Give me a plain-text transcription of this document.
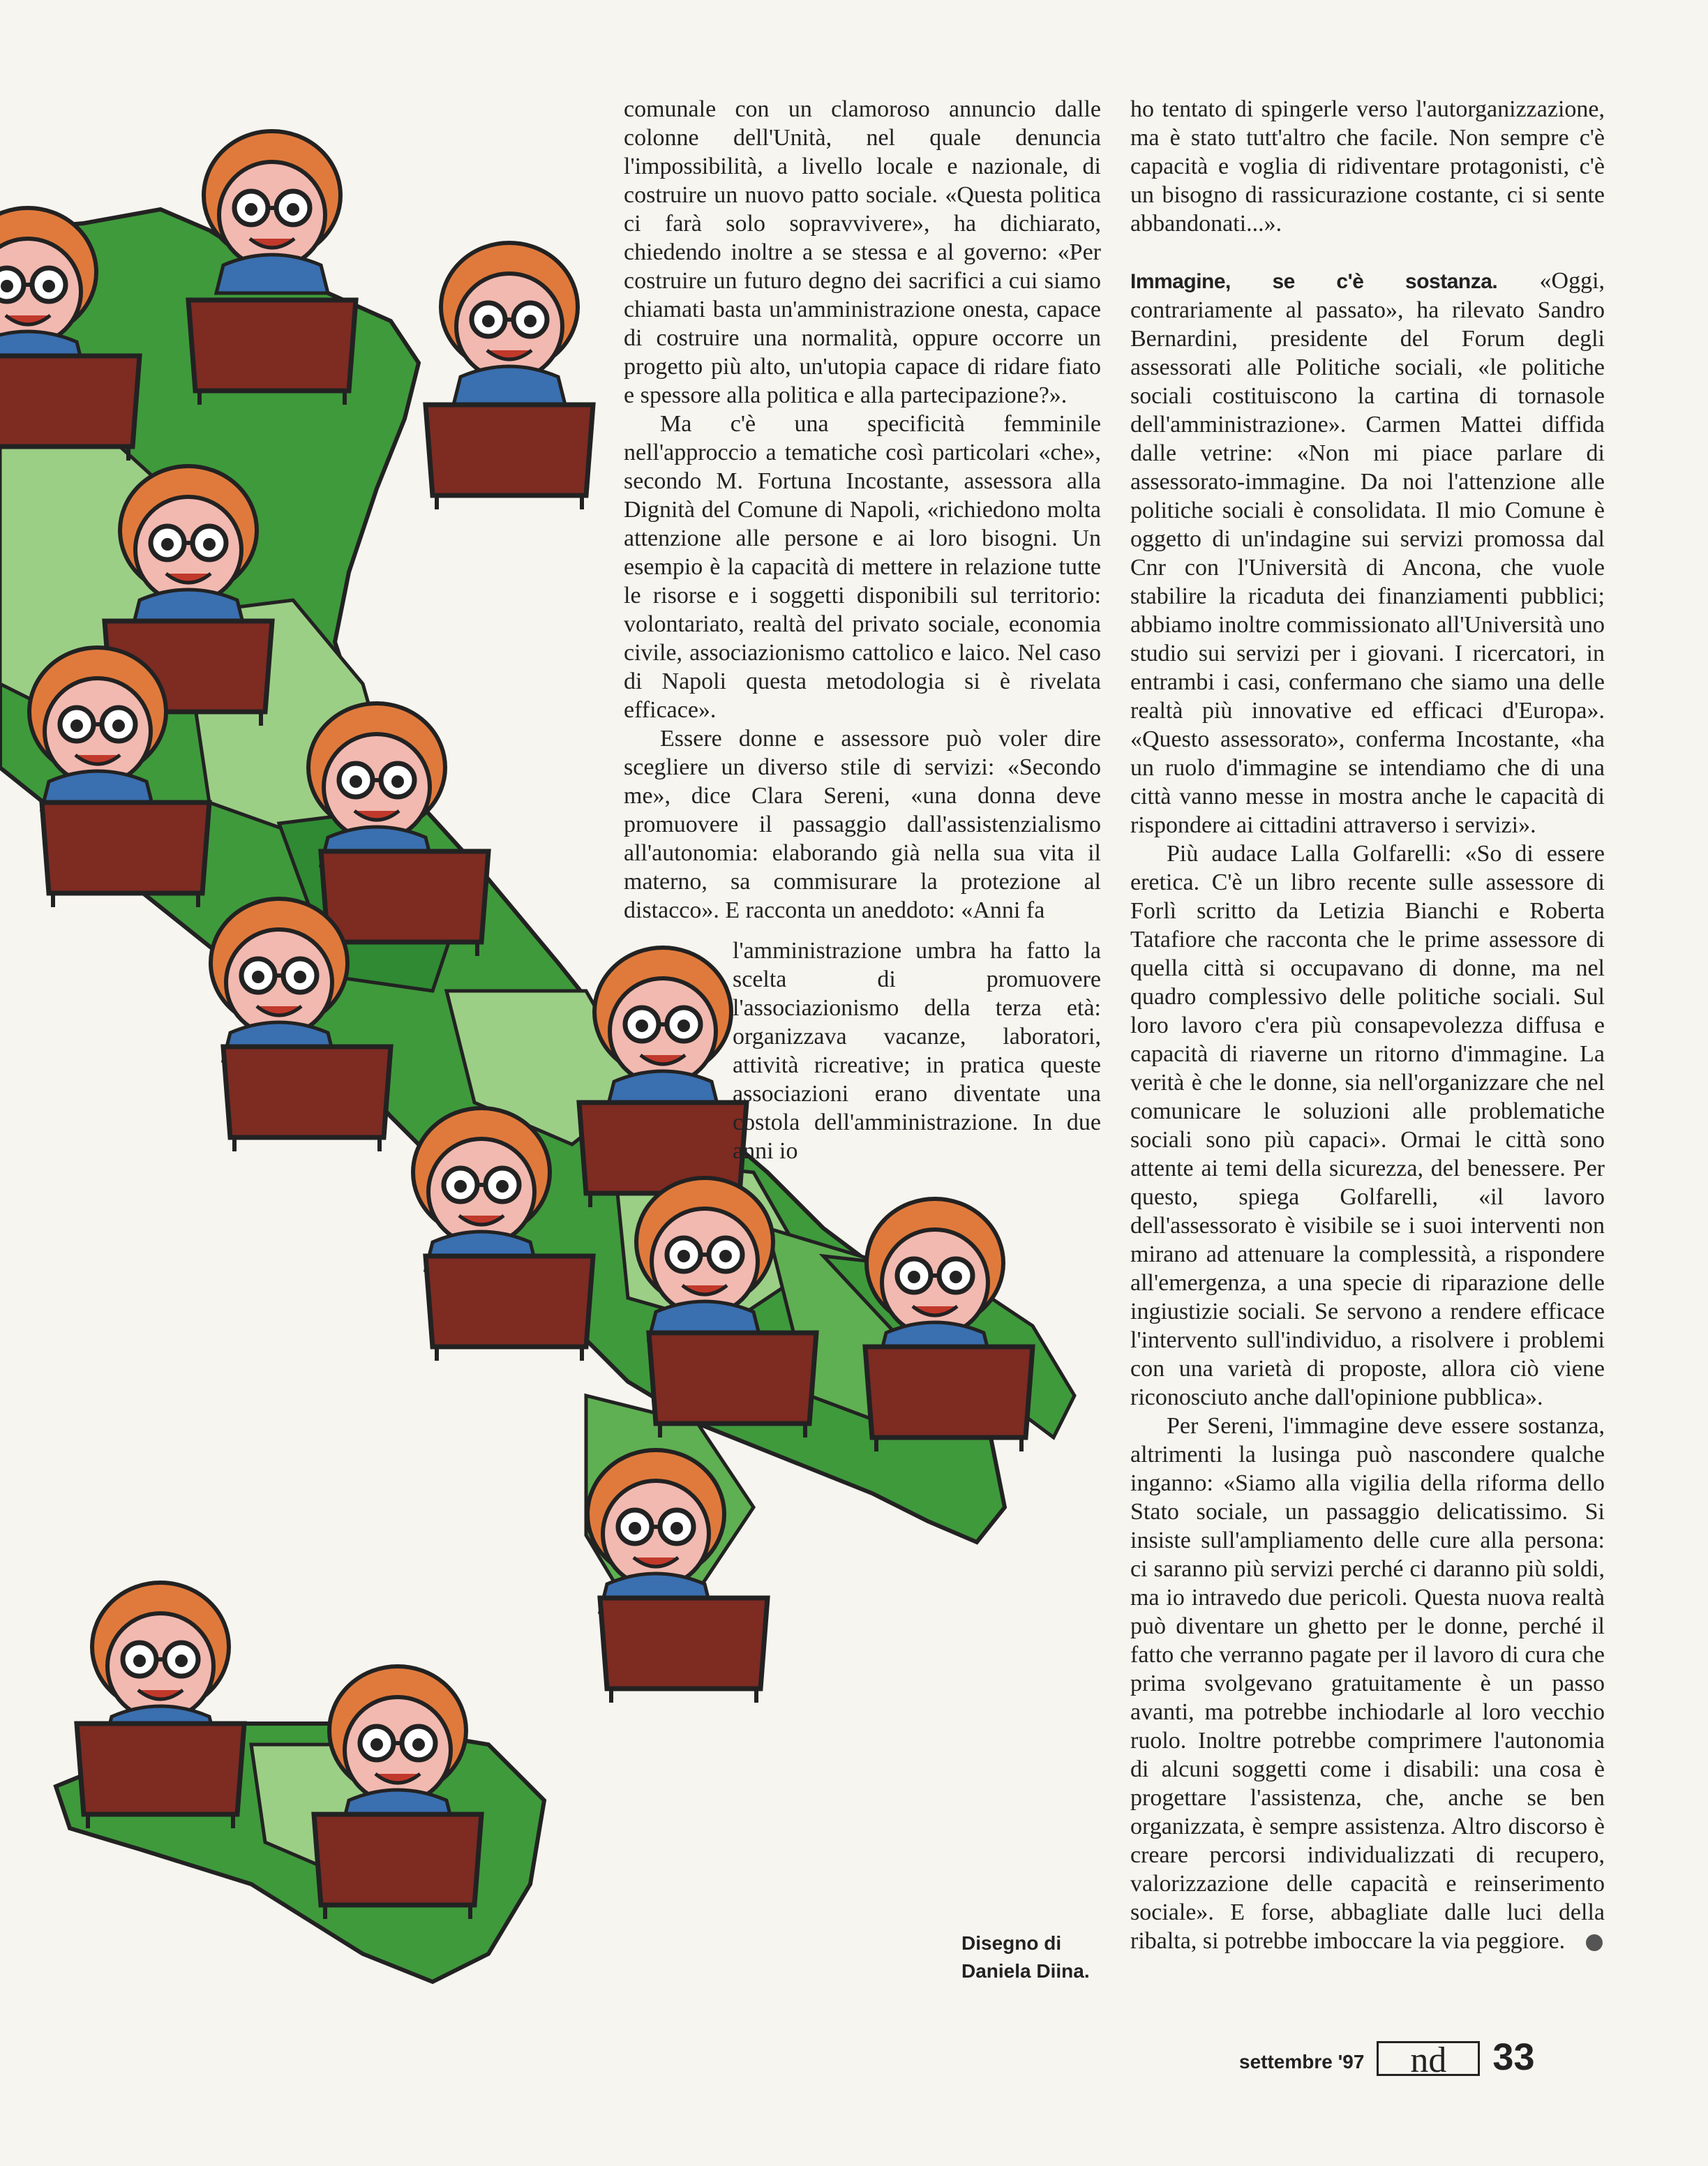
comunale con un clamoroso annuncio dalle colonne dell'Unità, nel quale denuncia l'impossibilità, a livello locale e nazionale, di costruire un nuovo patto sociale. «Questa politica ci farà solo sopravvivere», ha dichiarato, chiedendo inoltre a se stessa e al governo: «Per costruire un futuro degno dei sacrifici a cui siamo chiamati basta un'amministrazione onesta, capace di costruire una normalità, oppure occorre un progetto più alto, un'utopia capace di ridare fiato e spessore alla politica e alla partecipazione?».

Ma c'è una specificità femminile nell'approccio a tematiche così particolari «che», secondo M. Fortuna Incostante, assessora alla Dignità del Comune di Napoli, «richiedono molta attenzione alle persone e ai loro bisogni. Un esempio è la capacità di mettere in relazione tutte le risorse e i soggetti disponibili sul territorio: volontariato, realtà del privato sociale, economia civile, associazionismo cattolico e laico. Nel caso di Napoli questa metodologia si è rivelata efficace».

Essere donne e assessore può voler dire scegliere un diverso stile di servizi: «Secondo me», dice Clara Sereni, «una donna deve promuovere il passaggio dall'assistenzialismo all'autonomia: elaborando già nella sua vita il materno, sa commisurare la protezione al distacco». E racconta un aneddoto: «Anni fa

l'amministrazione umbra ha fatto la scelta di promuovere l'associazionismo della terza età: organizzava vacanze, laboratori, attività ricreative; in pratica queste associazioni erano diventate una costola dell'amministrazione. In due anni io

ho tentato di spingerle verso l'autorganizzazione, ma è stato tutt'altro che facile. Non sempre c'è capacità e voglia di ridiventare protagonisti, c'è un bisogno di rassicurazione costante, ci si sente abbandonati...».

Immagine, se c'è sostanza. «Oggi, contrariamente al passato», ha rilevato Sandro Bernardini, presidente del Forum degli assessorati alle Politiche sociali, «le politiche sociali costituiscono la cartina di tornasole dell'amministrazione». Carmen Mattei diffida dalle vetrine: «Non mi piace parlare di assessorato-immagine. Da noi l'attenzione alle politiche sociali è consolidata. Il mio Comune è oggetto di un'indagine sui servizi promossa dal Cnr con l'Università di Ancona, che vuole stabilire la ricaduta dei finanziamenti pubblici; abbiamo inoltre commissionato all'Università uno studio sui servizi per i giovani. I ricercatori, in entrambi i casi, confermano che siamo una delle realtà più innovative ed efficaci d'Europa». «Questo assessorato», conferma Incostante, «ha un ruolo d'immagine se intendiamo che di una città vanno messe in mostra anche le capacità di rispondere ai cittadini attraverso i servizi».

Più audace Lalla Golfarelli: «So di essere eretica. C'è un libro recente sulle assessore di Forlì scritto da Letizia Bianchi e Roberta Tatafiore che racconta che le prime assessore di quella città si occupavano di donne, ma nel quadro complessivo delle politiche sociali. Sul loro lavoro c'era più consapevolezza diffusa e capacità di riaverne un ritorno d'immagine. La verità è che le donne, sia nell'organizzare che nel comunicare le soluzioni alle problematiche sociali sono più capaci». Ormai le città sono attente ai temi della sicurezza, del benessere. Per questo, spiega Golfarelli, «il lavoro dell'assessorato è visibile se i suoi interventi non mirano ad attenuare la complessità, a rispondere all'emergenza, a una specie di riparazione delle ingiustizie sociali. Se servono a rendere efficace l'intervento sull'individuo, a risolvere i problemi con una varietà di proposte, allora ciò viene riconosciuto anche dall'opinione pubblica».

Per Sereni, l'immagine deve essere sostanza, altrimenti la lusinga può nascondere qualche inganno: «Siamo alla vigilia della riforma dello Stato sociale, un passaggio delicatissimo. Si insiste sull'ampliamento delle cure alla persona: ci saranno più servizi perché ci daranno più soldi, ma io intravedo due pericoli. Questa nuova realtà può diventare un ghetto per le donne, perché il fatto che verranno pagate per il lavoro di cura che prima svolgevano gratuitamente è un passo avanti, ma potrebbe inchiodarle al loro vecchio ruolo. Inoltre potrebbe comprimere l'autonomia di alcuni soggetti come i disabili: una cosa è progettare l'assistenza, che, anche se ben organizzata, è sempre assistenza. Altro discorso è creare percorsi individualizzati di recupero, valorizzazione delle capacità e reinserimento sociale». E forse, abbagliate dalle luci della ribalta, si potrebbe imboccare la via peggiore.

Disegno di
Daniela Diina.
settembre '97	nd	33
